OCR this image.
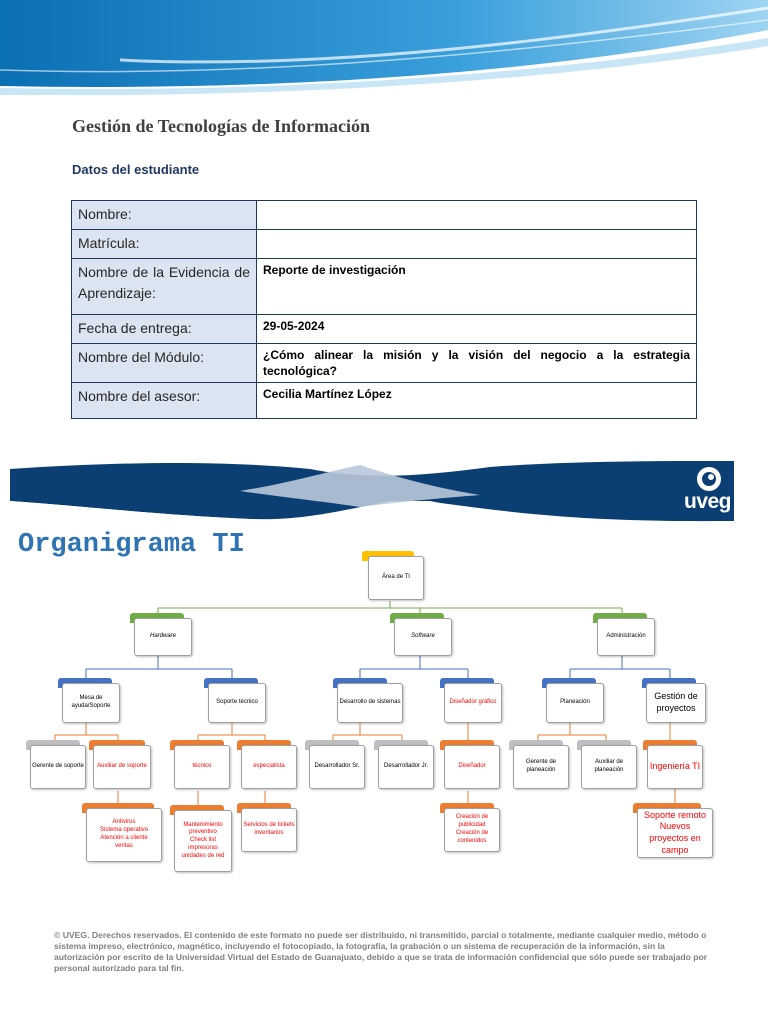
Gestión de Tecnologías de Información
Datos del estudiante
Nombre:	
Matrícula:	
Nombre de la Evidencia de Aprendizaje:	Reporte de investigación
Fecha de entrega:	29-05-2024
Nombre del Módulo:	¿Cómo alinear la misión y la visión del negocio a la estrategia tecnológica?
Nombre del asesor:	Cecilia Martínez López
uveg
Organigrama TI
Área de TI
Hardware	Software	Administración
Mesa de ayuda/Soporte
Soporte técnico	Desarrollo de sistemas	Diseñador gráfico	Planeación
Gestión de proyectos
Gerente de soporte	Auxiliar de soporte	técnico	especialista	Desarrollador Sr.	Desarrollador Jr.	Diseñador
Gerente de planeación
Auxiliar de planeación	Ingeniería TI
Antivirus
Sistema operativo
Atención a cliente
ventas
Mantenimiento preventivo
Check list impresoras unidades de red
Servicios de tickets inventarios
Creación de publicidad
Creación de contenidos
Soporte remoto
Nuevos proyectos en campo
© UVEG. Derechos reservados. El contenido de este formato no puede ser distribuido, ni transmitido, parcial o totalmente, mediante cualquier medio, método o sistema impreso, electrónico, magnético, incluyendo el fotocopiado, la fotografía, la grabación o un sistema de recuperación de la información, sin la autorización por escrito de la Universidad Virtual del Estado de Guanajuato, debido a que se trata de información confidencial que sólo puede ser trabajado por personal autorizado para tal fin.
